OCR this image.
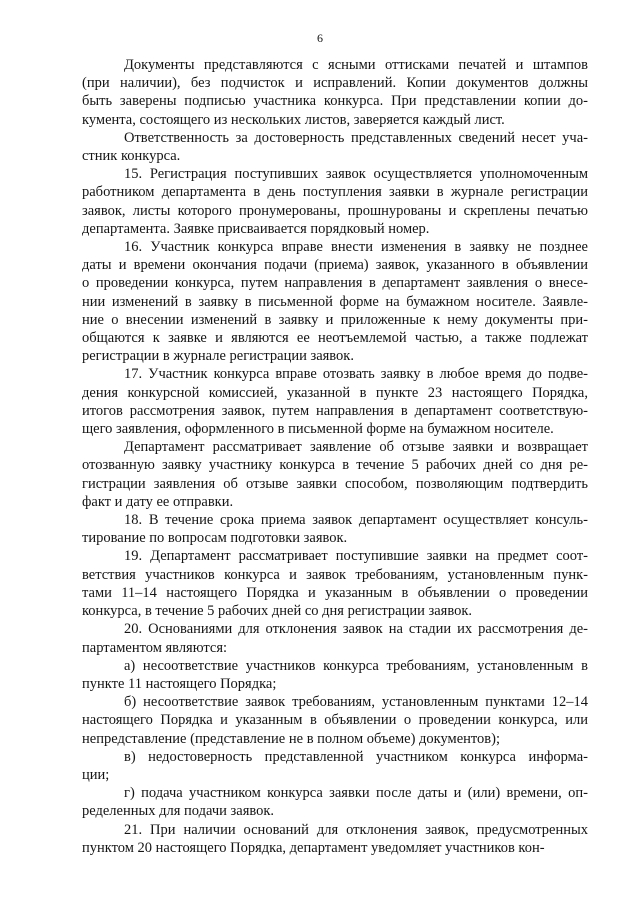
6
Документы представляются с ясными оттисками печатей и штампов
(при наличии), без подчисток и исправлений. Копии документов должны
быть заверены подписью участника конкурса. При представлении копии до-
кумента, состоящего из нескольких листов, заверяется каждый лист.
Ответственность за достоверность представленных сведений несет уча-
стник конкурса.
15. Регистрация поступивших заявок осуществляется уполномоченным
работником департамента в день поступления заявки в журнале регистрации
заявок, листы которого пронумерованы, прошнурованы и скреплены печатью
департамента. Заявке присваивается порядковый номер.
16. Участник конкурса вправе внести изменения в заявку не позднее
даты и времени окончания подачи (приема) заявок, указанного в объявлении
о проведении конкурса, путем направления в департамент заявления о внесе-
нии изменений в заявку в письменной форме на бумажном носителе. Заявле-
ние о внесении изменений в заявку и приложенные к нему документы при-
общаются к заявке и являются ее неотъемлемой частью, а также подлежат
регистрации в журнале регистрации заявок.
17. Участник конкурса вправе отозвать заявку в любое время до подве-
дения конкурсной комиссией, указанной в пункте 23 настоящего Порядка,
итогов рассмотрения заявок, путем направления в департамент соответствую-
щего заявления, оформленного в письменной форме на бумажном носителе.
Департамент рассматривает заявление об отзыве заявки и возвращает
отозванную заявку участнику конкурса в течение 5 рабочих дней со дня ре-
гистрации заявления об отзыве заявки способом, позволяющим подтвердить
факт и дату ее отправки.
18. В течение срока приема заявок департамент осуществляет консуль-
тирование по вопросам подготовки заявок.
19. Департамент рассматривает поступившие заявки на предмет соот-
ветствия участников конкурса и заявок требованиям, установленным пунк-
тами 11–14 настоящего Порядка и указанным в объявлении о проведении
конкурса, в течение 5 рабочих дней со дня регистрации заявок.
20. Основаниями для отклонения заявок на стадии их рассмотрения де-
партаментом являются:
а) несоответствие участников конкурса требованиям, установленным в
пункте 11 настоящего Порядка;
б) несоответствие заявок требованиям, установленным пунктами 12–14
настоящего Порядка и указанным в объявлении о проведении конкурса, или
непредставление (представление не в полном объеме) документов);
в) недостоверность представленной участником конкурса информа-
ции;
г) подача участником конкурса заявки после даты и (или) времени, оп-
ределенных для подачи заявок.
21. При наличии оснований для отклонения заявок, предусмотренных
пунктом 20 настоящего Порядка, департамент уведомляет участников кон-
